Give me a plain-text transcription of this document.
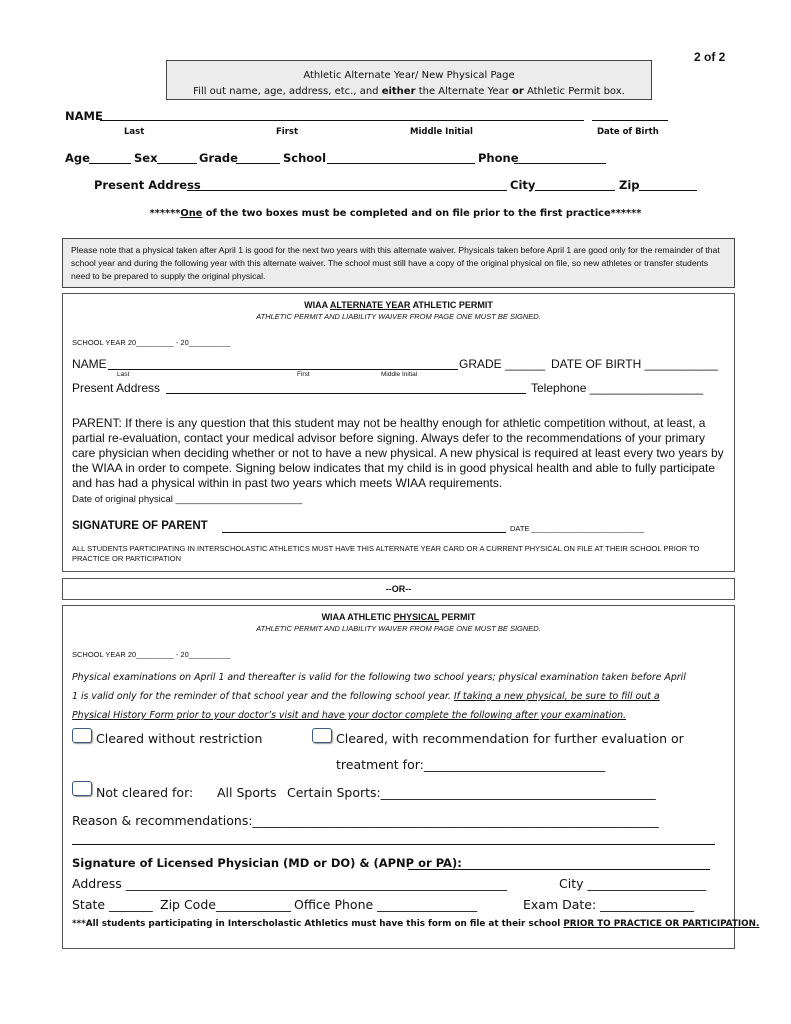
2 of 2
Athletic Alternate Year/ New Physical Page
Fill out name, age, address, etc., and either the Alternate Year or Athletic Permit box.
NAME
Last	First	Middle Initial	Date of Birth
Age	Sex	Grade	School	Phone
Present Address	City	Zip
******One of the two boxes must be completed and on file prior to the first practice******
Please note that a physical taken after April 1 is good for the next two years with this alternate waiver. Physicals taken before April 1 are good only for the remainder of that school year and during the following year with this alternate waiver. The school must still have a copy of the original physical on file, so new athletes or transfer students need to be prepared to supply the original physical.
WIAA ALTERNATE YEAR ATHLETIC PERMIT
ATHLETIC PERMIT AND LIABILITY WAIVER FROM PAGE ONE MUST BE SIGNED.
SCHOOL YEAR 20_________ - 20__________
NAME	GRADE ______ DATE OF BIRTH ___________
Last	First	Middle Initial
Present Address	Telephone _________________
PARENT: If there is any question that this student may not be healthy enough for athletic competition without, at least, a partial re-evaluation, contact your medical advisor before signing. Always defer to the recommendations of your primary care physician when deciding whether or not to have a new physical. A new physical is required at least every two years by the WIAA in order to compete. Signing below indicates that my child is in good physical health and able to fully participate and has had a physical within in past two years which meets WIAA requirements.
Date of original physical ________________________
SIGNATURE OF PARENT	DATE ___________________________
ALL STUDENTS PARTICIPATING IN INTERSCHOLASTIC ATHLETICS MUST HAVE THIS ALTERNATE YEAR CARD OR A CURRENT PHYSICAL ON FILE AT THEIR SCHOOL PRIOR TO PRACTICE OR PARTICIPATION
--OR--
WIAA ATHLETIC PHYSICAL PERMIT
ATHLETIC PERMIT AND LIABILITY WAIVER FROM PAGE ONE MUST BE SIGNED.
SCHOOL YEAR 20_________ - 20__________
Physical examinations on April 1 and thereafter is valid for the following two school years; physical examination taken before April
1 is valid only for the reminder of that school year and the following school year. If taking a new physical, be sure to fill out a
Physical History Form prior to your doctor’s visit and have your doctor complete the following after your examination.
Cleared without restriction	Cleared, with recommendation for further evaluation or
treatment for:_____________________________
Not cleared for: All Sports Certain Sports:____________________________________________
Reason & recommendations:_________________________________________________________________
Signature of Licensed Physician (MD or DO) & (APNP or PA):
Address _____________________________________________________________	City ___________________
State _______ Zip Code____________ Office Phone ________________	Exam Date: _______________
***All students participating in Interscholastic Athletics must have this form on file at their school PRIOR TO PRACTICE OR PARTICIPATION.
